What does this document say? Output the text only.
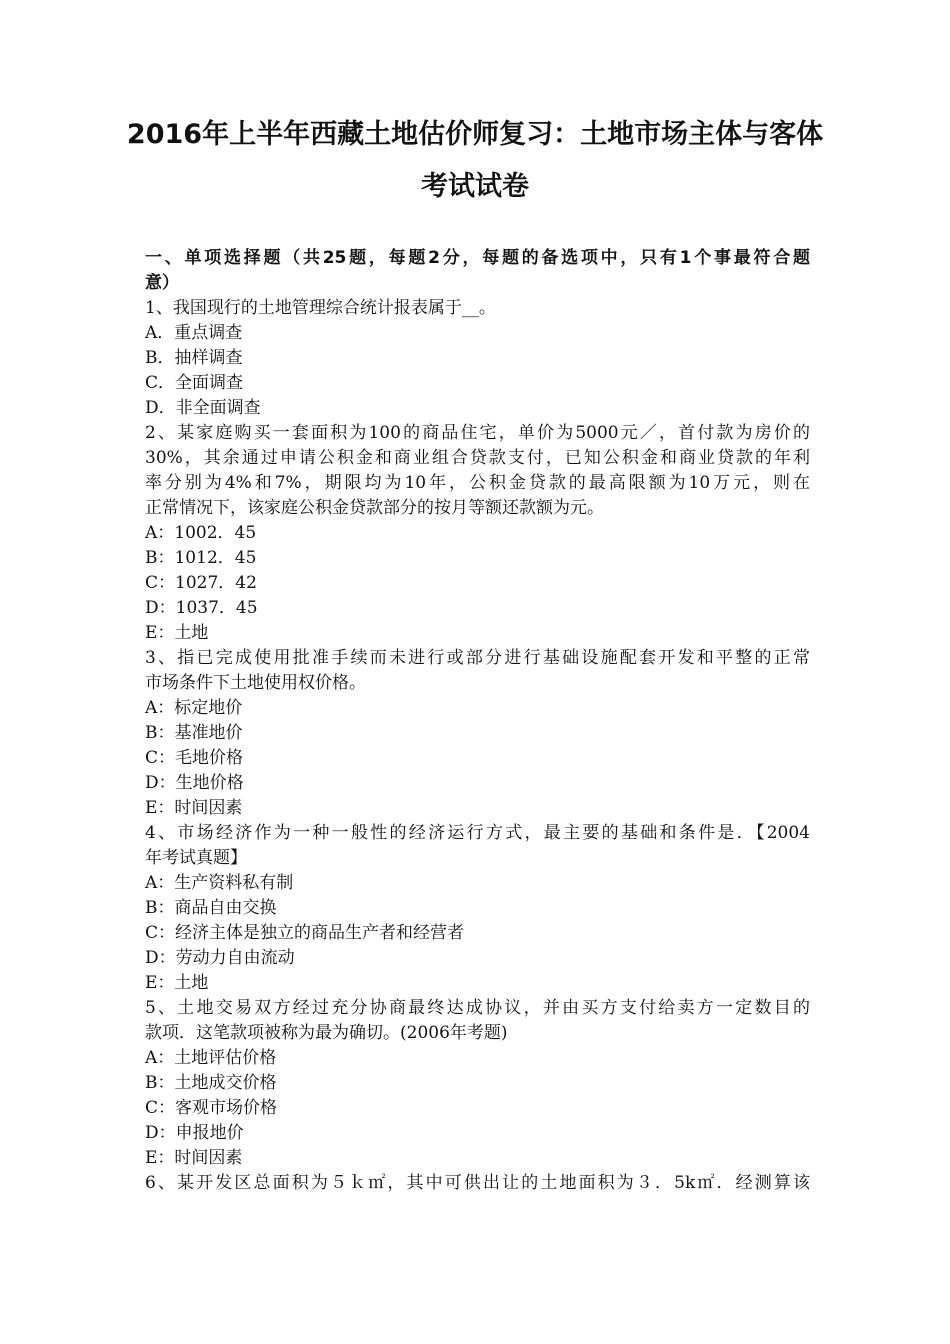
2016年上半年西藏土地估价师复习：土地市场主体与客体
考试试卷
一、单项选择题（共25题，每题2分，每题的备选项中，只有1个事最符合题
意）
1、我国现行的土地管理综合统计报表属于__。
A．重点调查
B．抽样调查
C．全面调查
D．非全面调查
2、某家庭购买一套面积为100的商品住宅，单价为5000元／，首付款为房价的
30%，其余通过申请公积金和商业组合贷款支付，已知公积金和商业贷款的年利
率分别为4%和7%，期限均为10年，公积金贷款的最高限额为10万元，则在
正常情况下，该家庭公积金贷款部分的按月等额还款额为元。
A：1002．45
B：1012．45
C：1027．42
D：1037．45
E：土地
3、指已完成使用批准手续而未进行或部分进行基础设施配套开发和平整的正常
市场条件下土地使用权价格。
A：标定地价
B：基准地价
C：毛地价格
D：生地价格
E：时间因素
4、市场经济作为一种一般性的经济运行方式，最主要的基础和条件是．【2004
年考试真题】
A：生产资料私有制
B：商品自由交换
C：经济主体是独立的商品生产者和经营者
D：劳动力自由流动
E：土地
5、土地交易双方经过充分协商最终达成协议，并由买方支付给卖方一定数目的
款项．这笔款项被称为最为确切。(2006年考题)
A：土地评估价格
B：土地成交价格
C：客观市场价格
D：申报地价
E：时间因素
6、某开发区总面积为５ｋ㎡，其中可供出让的土地面积为３．5k㎡．经测算该
